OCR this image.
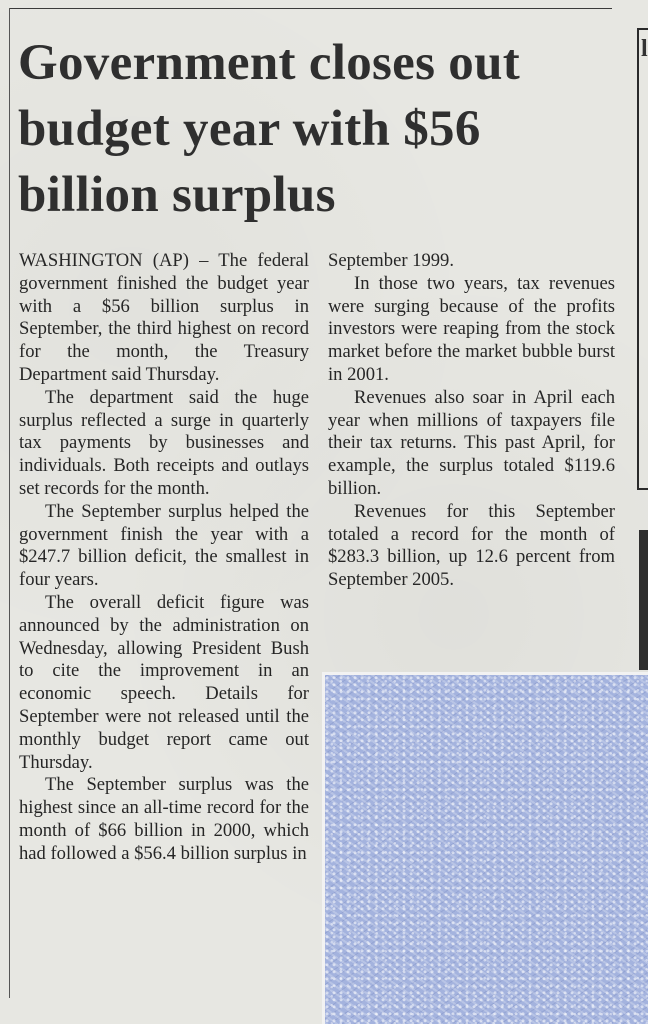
l
Government closes out budget year with $56 billion surplus

WASHINGTON (AP) – The federal government finished the budget year with a $56 billion surplus in September, the third highest on record for the month, the Treasury Department said Thursday.

The department said the huge surplus reflected a surge in quarterly tax payments by businesses and individuals. Both receipts and outlays set records for the month.

The September surplus helped the government finish the year with a $247.7 billion deficit, the smallest in four years.

The overall deficit figure was announced by the administration on Wednesday, allowing President Bush to cite the improvement in an economic speech. Details for September were not released until the monthly budget report came out Thursday.

The September surplus was the highest since an all-time record for the month of $66 billion in 2000, which had followed a $56.4 billion surplus in

September 1999.

In those two years, tax revenues were surging because of the profits investors were reaping from the stock market before the market bubble burst in 2001.

Revenues also soar in April each year when millions of taxpayers file their tax returns. This past April, for example, the surplus totaled $119.6 billion.

Revenues for this September totaled a record for the month of $283.3 billion, up 12.6 percent from September 2005.
